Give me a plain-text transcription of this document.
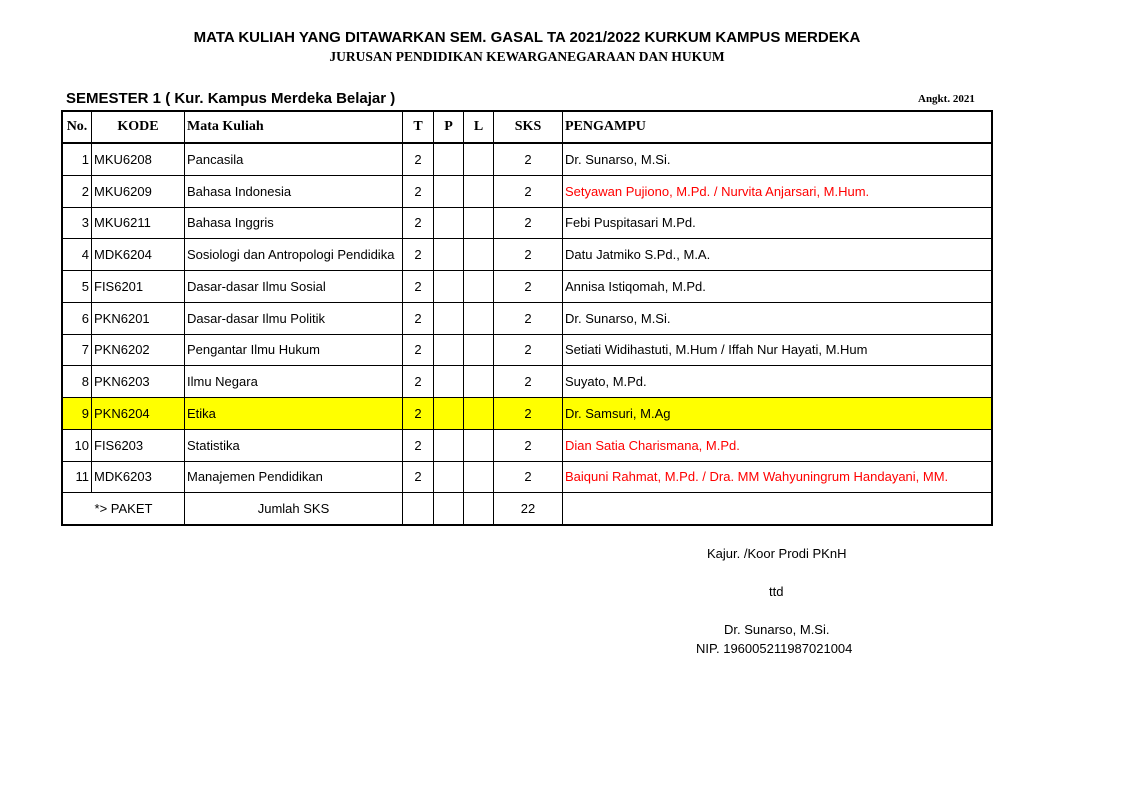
MATA KULIAH YANG DITAWARKAN SEM. GASAL TA 2021/2022 KURKUM KAMPUS MERDEKA
JURUSAN PENDIDIKAN KEWARGANEGARAAN DAN HUKUM
SEMESTER 1 ( Kur. Kampus Merdeka Belajar )	Angkt. 2021
No.	KODE	Mata Kuliah	T	P	L	SKS	PENGAMPU
1	MKU6208	Pancasila	2			2	Dr. Sunarso, M.Si.
2	MKU6209	Bahasa Indonesia	2			2	Setyawan Pujiono, M.Pd. / Nurvita Anjarsari, M.Hum.
3	MKU6211	Bahasa Inggris	2			2	Febi Puspitasari M.Pd.
4	MDK6204	Sosiologi dan Antropologi Pendidika	2			2	Datu Jatmiko S.Pd., M.A.
5	FIS6201	Dasar-dasar Ilmu Sosial	2			2	Annisa Istiqomah, M.Pd.
6	PKN6201	Dasar-dasar Ilmu Politik	2			2	Dr. Sunarso, M.Si.
7	PKN6202	Pengantar Ilmu Hukum	2			2	Setiati Widihastuti, M.Hum / Iffah Nur Hayati, M.Hum
8	PKN6203	Ilmu Negara	2			2	Suyato, M.Pd.
9	PKN6204	Etika	2			2	Dr. Samsuri, M.Ag
10	FIS6203	Statistika	2			2	Dian Satia Charismana, M.Pd.
11	MDK6203	Manajemen Pendidikan	2			2	Baiquni Rahmat, M.Pd. / Dra. MM Wahyuningrum Handayani, MM.
*> PAKET		Jumlah SKS				22	
Kajur. /Koor Prodi PKnH
ttd
Dr. Sunarso, M.Si.
NIP. 196005211987021004
